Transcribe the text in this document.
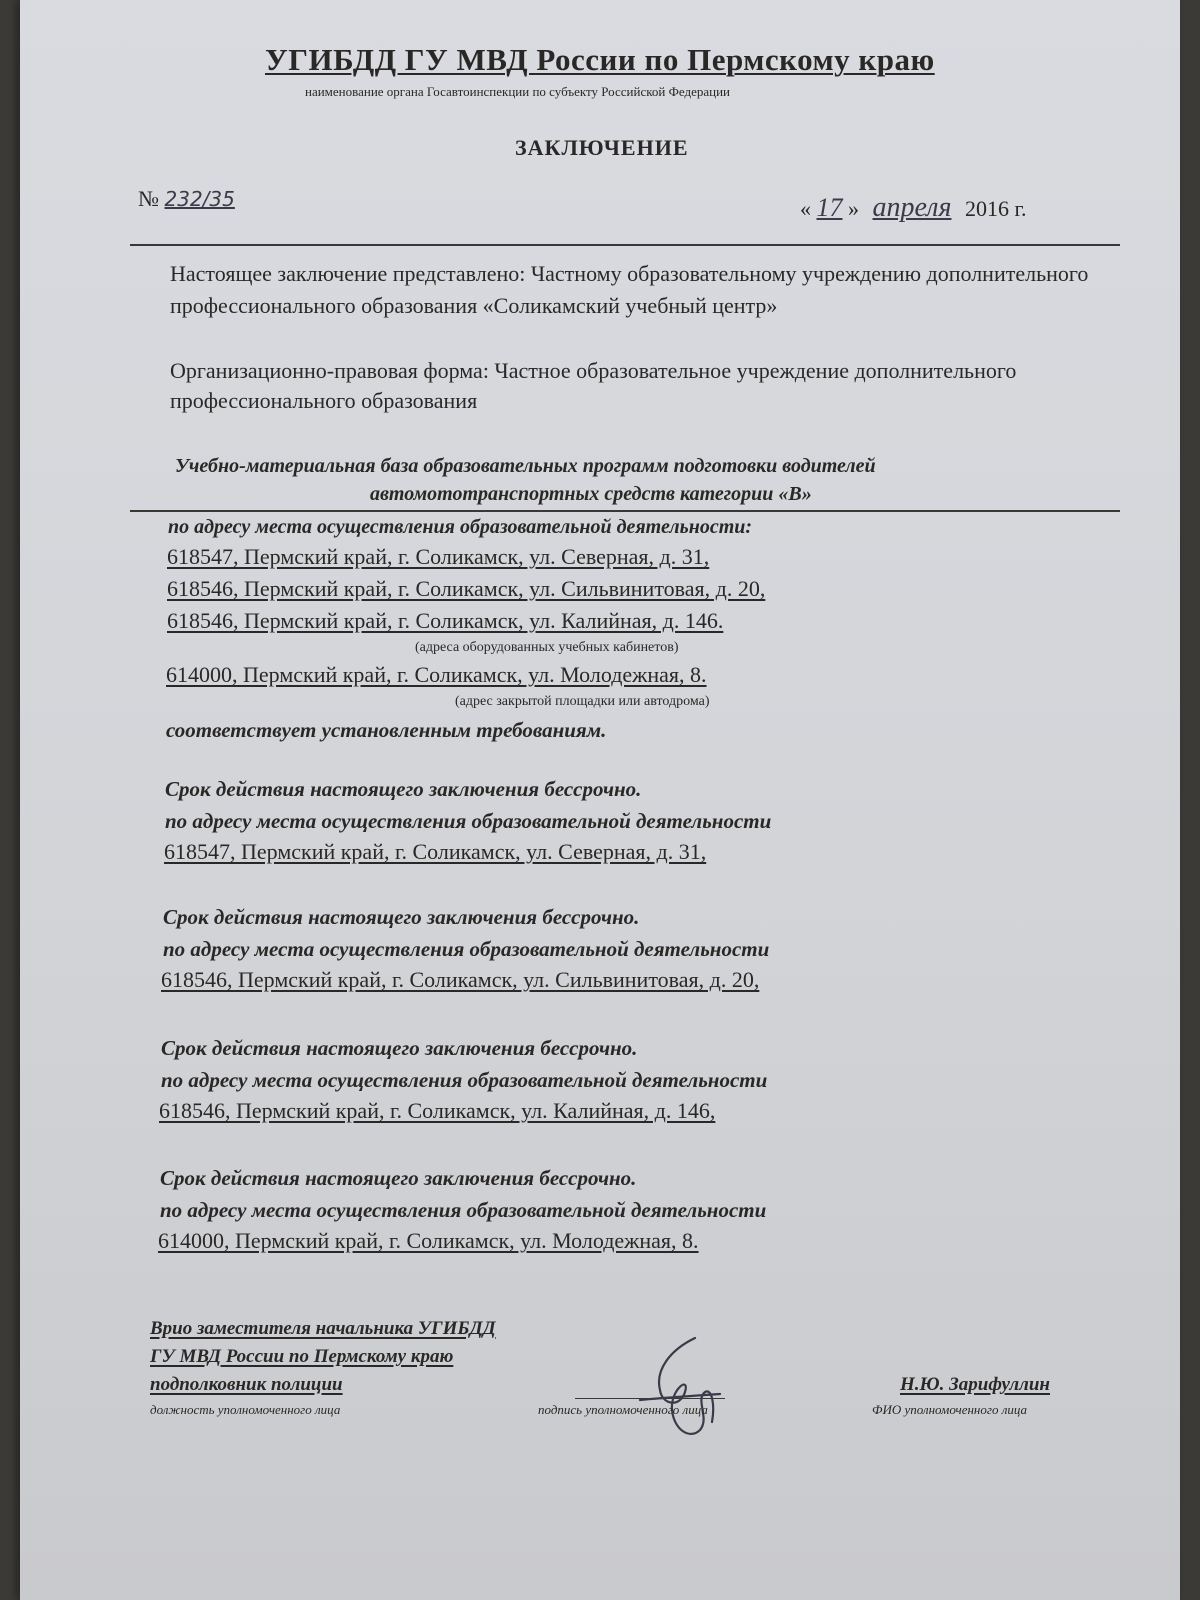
УГИБДД ГУ МВД России по Пермскому краю
наименование органа Госавтоинспекции по субъекту Российской Федерации
ЗАКЛЮЧЕНИЕ
№ 232/35	« 17 » апреля 2016 г.

Настоящее заключение представлено: Частному образовательному учреждению дополнительного профессионального образования «Соликамский учебный центр»

Организационно-правовая форма: Частное образовательное учреждение дополнительного профессионального образования

Учебно-материальная база образовательных программ подготовки водителей
автомототранспортных средств категории «В»
по адресу места осуществления образовательной деятельности:
618547, Пермский край, г. Соликамск, ул. Северная, д. 31,
618546, Пермский край, г. Соликамск, ул. Сильвинитовая, д. 20,
618546, Пермский край, г. Соликамск, ул. Калийная, д. 146.
(адреса оборудованных учебных кабинетов)
614000, Пермский край, г. Соликамск, ул. Молодежная, 8.
(адрес закрытой площадки или автодрома)
соответствует установленным требованиям.
Срок действия настоящего заключения бессрочно.
по адресу места осуществления образовательной деятельности
618547, Пермский край, г. Соликамск, ул. Северная, д. 31,
Срок действия настоящего заключения бессрочно.
по адресу места осуществления образовательной деятельности
618546, Пермский край, г. Соликамск, ул. Сильвинитовая, д. 20,
Срок действия настоящего заключения бессрочно.
по адресу места осуществления образовательной деятельности
618546, Пермский край, г. Соликамск, ул. Калийная, д. 146,
Срок действия настоящего заключения бессрочно.
по адресу места осуществления образовательной деятельности
614000, Пермский край, г. Соликамск, ул. Молодежная, 8.
Врио заместителя начальника УГИБДД
ГУ МВД России по Пермскому краю
подполковник полиции
должность уполномоченного лица	подпись уполномоченного лица
Н.Ю. Зарифуллин
ФИО уполномоченного лица
